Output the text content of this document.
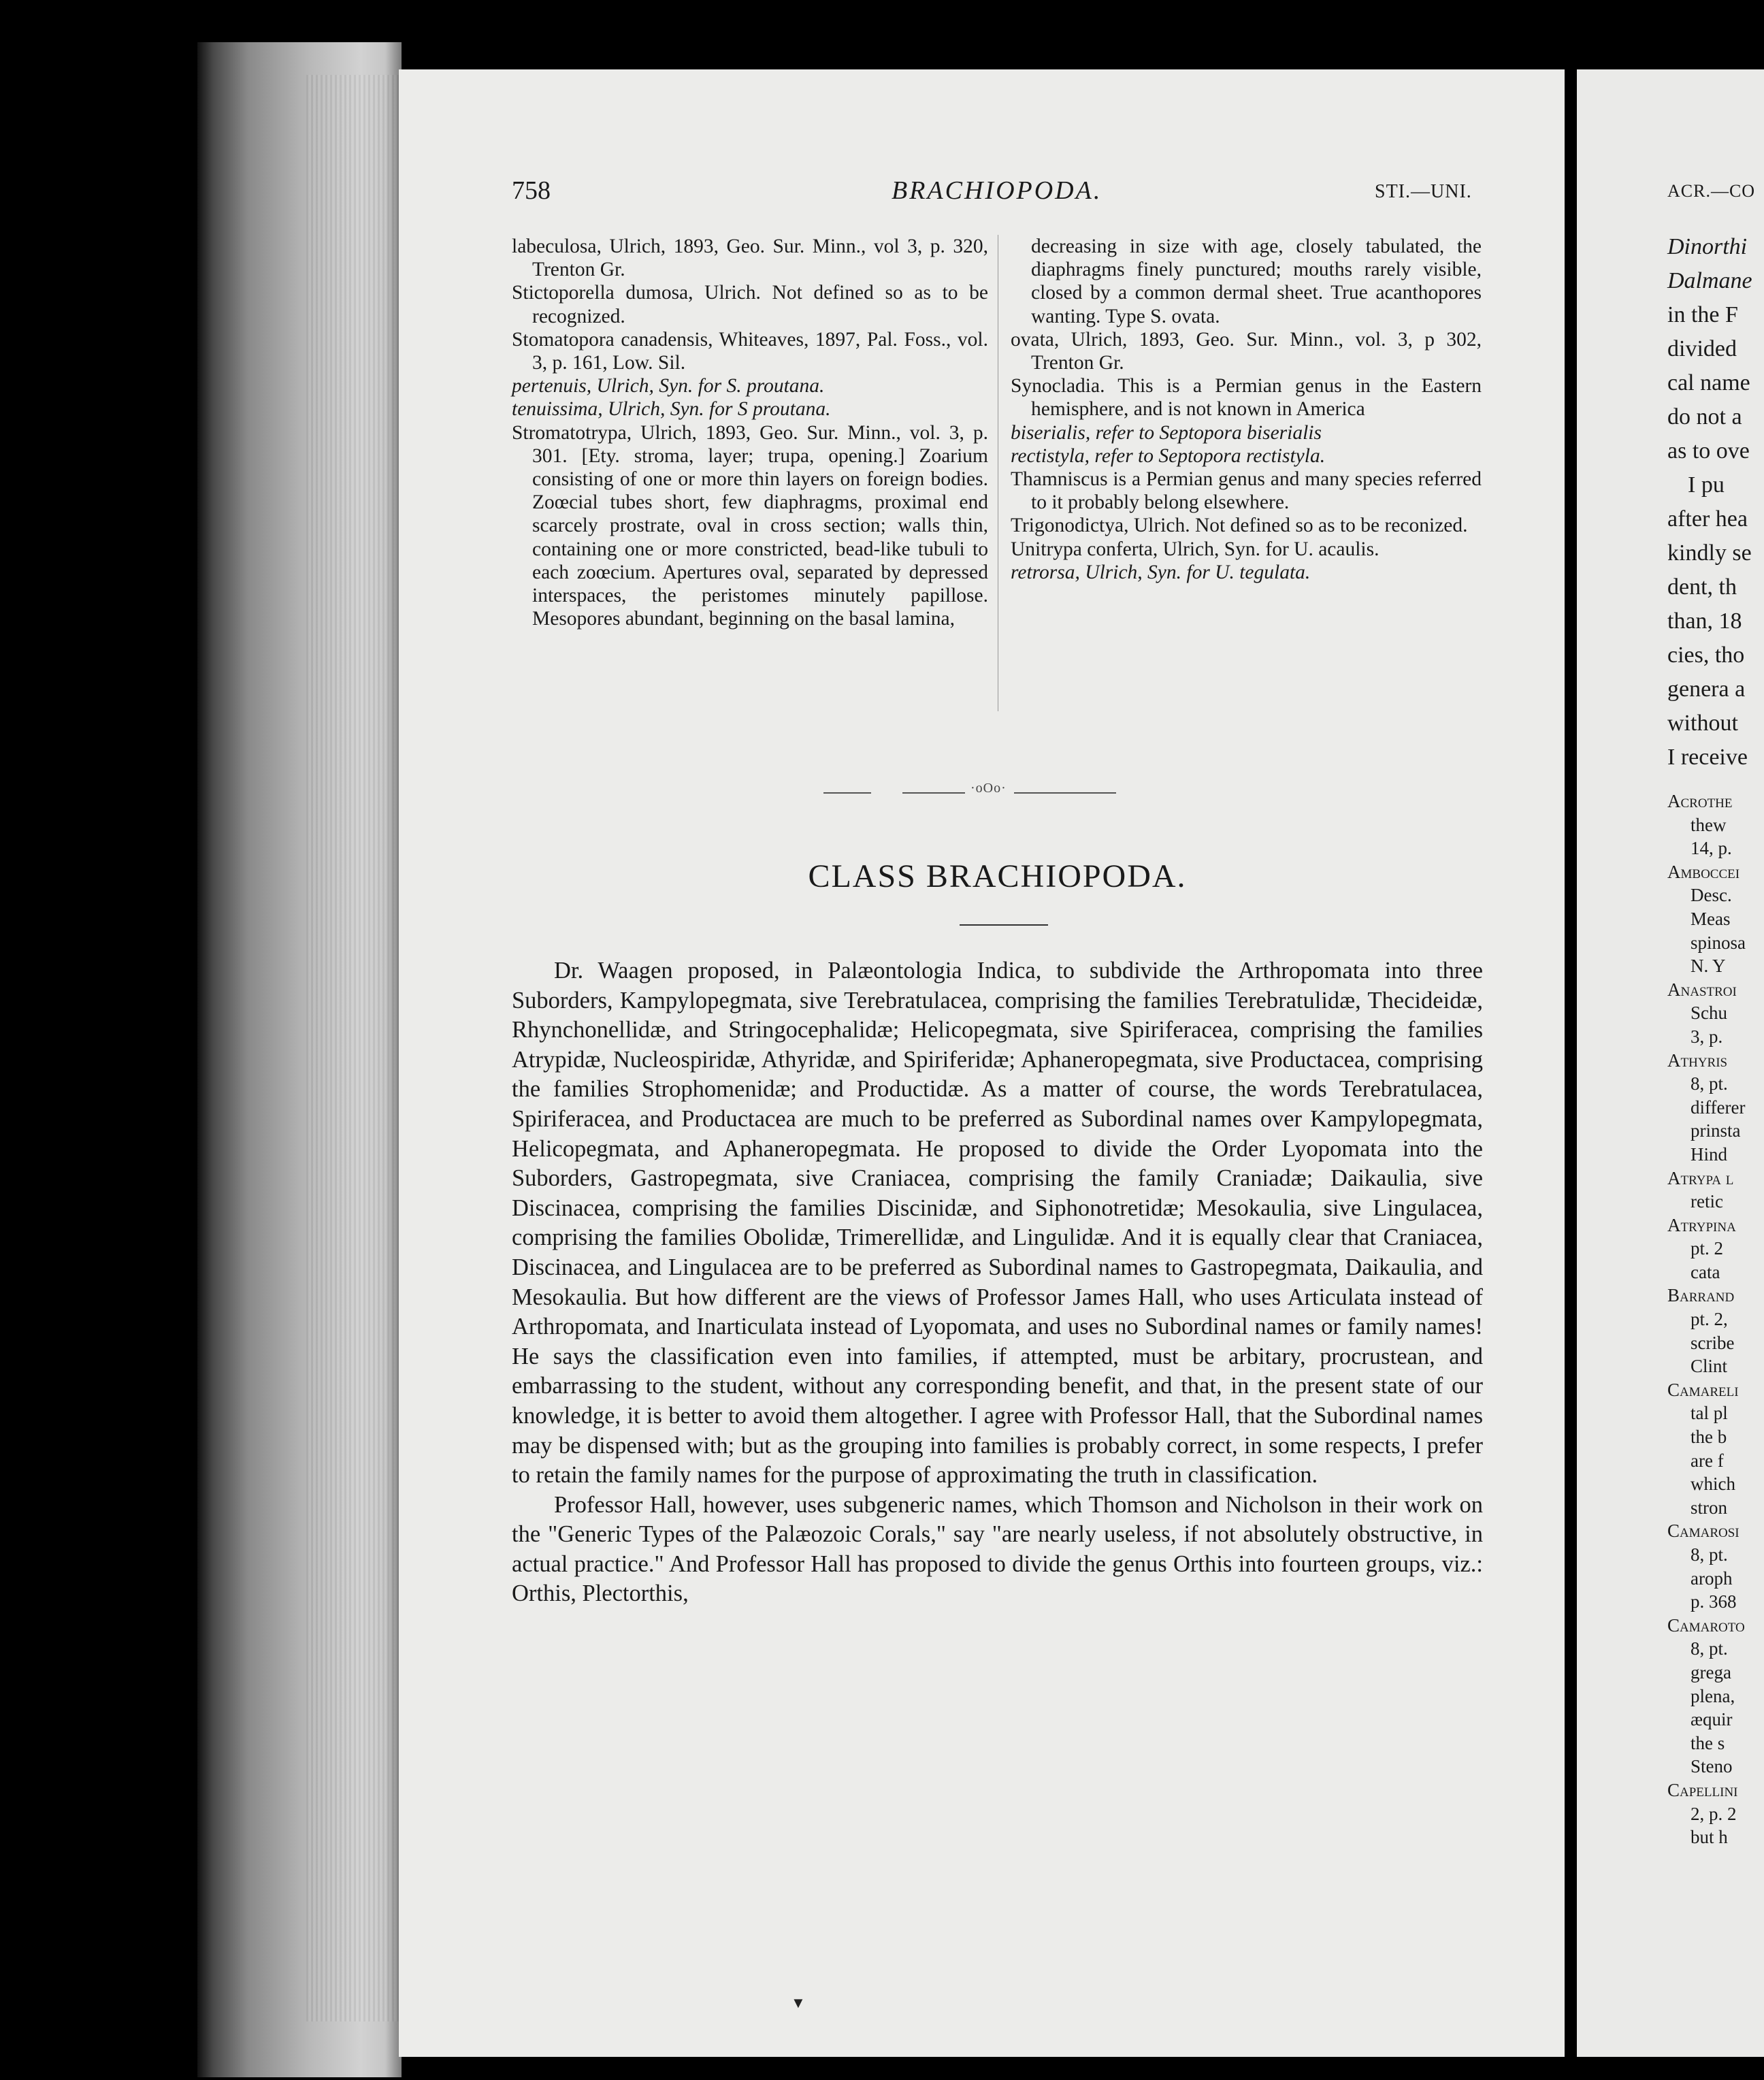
758	BRACHIOPODA.	STI.—UNI.

labeculosa, Ulrich, 1893, Geo. Sur. Minn., vol 3, p. 320, Trenton Gr.

Stictoporella dumosa, Ulrich. Not defined so as to be recognized.

Stomatopora canadensis, Whiteaves, 1897, Pal. Foss., vol. 3, p. 161, Low. Sil.

pertenuis, Ulrich, Syn. for S. proutana.

tenuissima, Ulrich, Syn. for S proutana.

Stromatotrypa, Ulrich, 1893, Geo. Sur. Minn., vol. 3, p. 301. [Ety. stroma, layer; trupa, opening.] Zoarium consisting of one or more thin layers on foreign bodies. Zoœcial tubes short, few diaphragms, proximal end scarcely prostrate, oval in cross section; walls thin, containing one or more constricted, bead-like tubuli to each zoœcium. Apertures oval, separated by depressed interspaces, the peristomes minutely papillose. Mesopores abundant, beginning on the basal lamina,

decreasing in size with age, closely tabulated, the diaphragms finely punctured; mouths rarely visible, closed by a common dermal sheet. True acanthopores wanting. Type S. ovata.

ovata, Ulrich, 1893, Geo. Sur. Minn., vol. 3, p 302, Trenton Gr.

Synocladia. This is a Permian genus in the Eastern hemisphere, and is not known in America

biserialis, refer to Septopora biserialis

rectistyla, refer to Septopora rectistyla.

Thamniscus is a Permian genus and many species referred to it probably belong elsewhere.

Trigonodictya, Ulrich. Not defined so as to be reconized.

Unitrypa conferta, Ulrich, Syn. for U. acaulis.

retrorsa, Ulrich, Syn. for U. tegulata.

·oOo·
CLASS BRACHIOPODA.

Dr. Waagen proposed, in Palæontologia Indica, to subdivide the Arthropomata into three Suborders, Kampylopegmata, sive Terebratulacea, comprising the families Terebratulidæ, Thecideidæ, Rhynchonellidæ, and Stringocephalidæ; Helicopegmata, sive Spiriferacea, comprising the families Atrypidæ, Nucleospiridæ, Athyridæ, and Spiriferidæ; Aphaneropegmata, sive Productacea, comprising the families Strophomenidæ; and Productidæ. As a matter of course, the words Terebratulacea, Spiriferacea, and Productacea are much to be preferred as Subordinal names over Kampylopegmata, Helicopegmata, and Aphaneropegmata. He proposed to divide the Order Lyopomata into the Suborders, Gastropegmata, sive Craniacea, comprising the family Craniadæ; Daikaulia, sive Discinacea, comprising the families Discinidæ, and Siphonotretidæ; Mesokaulia, sive Lingulacea, comprising the families Obolidæ, Trimerellidæ, and Lingulidæ. And it is equally clear that Craniacea, Discinacea, and Lingulacea are to be preferred as Subordinal names to Gastropegmata, Daikaulia, and Mesokaulia. But how different are the views of Professor James Hall, who uses Articulata instead of Arthropomata, and Inarticulata instead of Lyopomata, and uses no Subordinal names or family names! He says the classification even into families, if attempted, must be arbitary, procrustean, and embarrassing to the student, without any corresponding benefit, and that, in the present state of our knowledge, it is better to avoid them altogether. I agree with Professor Hall, that the Subordinal names may be dispensed with; but as the grouping into families is probably correct, in some respects, I prefer to retain the family names for the purpose of approximating the truth in classification.

Professor Hall, however, uses subgeneric names, which Thomson and Nicholson in their work on the "Generic Types of the Palæozoic Corals," say "are nearly useless, if not absolutely obstructive, in actual practice." And Professor Hall has proposed to divide the genus Orthis into fourteen groups, viz.: Orthis, Plectorthis,

ACR.—CO
Dinorthi
Dalmane
in the F
divided
cal name
do not a
as to ove
I pu
after hea
kindly se
dent, th
than, 18
cies, tho
genera a
without
I receive
Acrothe
thew
14, p.
Amboccei
Desc.
Meas
spinosa
N. Y
Anastroi
Schu
3, p.
Athyris
8, pt.
differer
prinsta
Hind
Atrypa l
retic
Atrypina
pt. 2
cata
Barrand
pt. 2,
scribe
Clint
Camareli
tal pl
the b
are f
which
stron
Camarosi
8, pt.
aroph
p. 368
Camaroto
8, pt.
grega
plena,
æquir
the s
Steno
Capellini
2, p. 2
but h
▼
